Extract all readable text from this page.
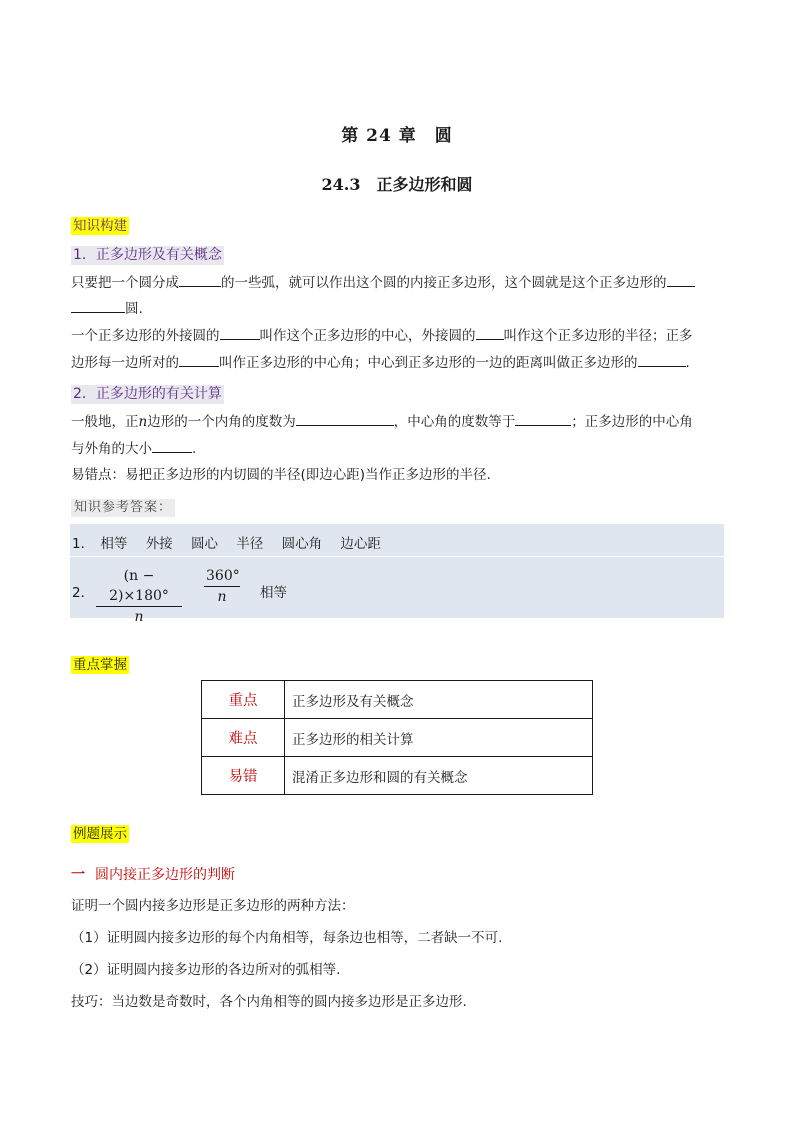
第 24 章　圆
24.3　正多边形和圆
知识构建
1．正多边形及有关概念
只要把一个圆分成	的一些弧，就可以作出这个圆的内接正多边形，这个圆就是这个正多边形的
圆.
一个正多边形的外接圆的	叫作这个正多边形的中心，外接圆的 叫作这个正多边形的半径；正多
边形每一边所对的	叫作正多边形的中心角；中心到正多边形的一边的距离叫做正多边形的	.
2．正多边形的有关计算
一般地，正n边形的一个内角的度数为	，中心角的度数等于	；正多边形的中心角
与外角的大小	.
易错点：易把正多边形的内切圆的半径(即边心距)当作正多边形的半径.
知识参考答案：
1． 相等 外接 圆心 半径 圆心角 边心距
2． $\frac{(n - 2)\times 180^\circ}{n} \frac{360^\circ}{n}$ 相等
重点掌握
重点	正多边形及有关概念
难点	正多边形的相关计算
易错	混淆正多边形和圆的有关概念
例题展示
一 圆内接正多边形的判断
证明一个圆内接多边形是正多边形的两种方法：
（1）证明圆内接多边形的每个内角相等，每条边也相等，二者缺一不可.
（2）证明圆内接多边形的各边所对的弧相等.
技巧：当边数是奇数时，各个内角相等的圆内接多边形是正多边形.
